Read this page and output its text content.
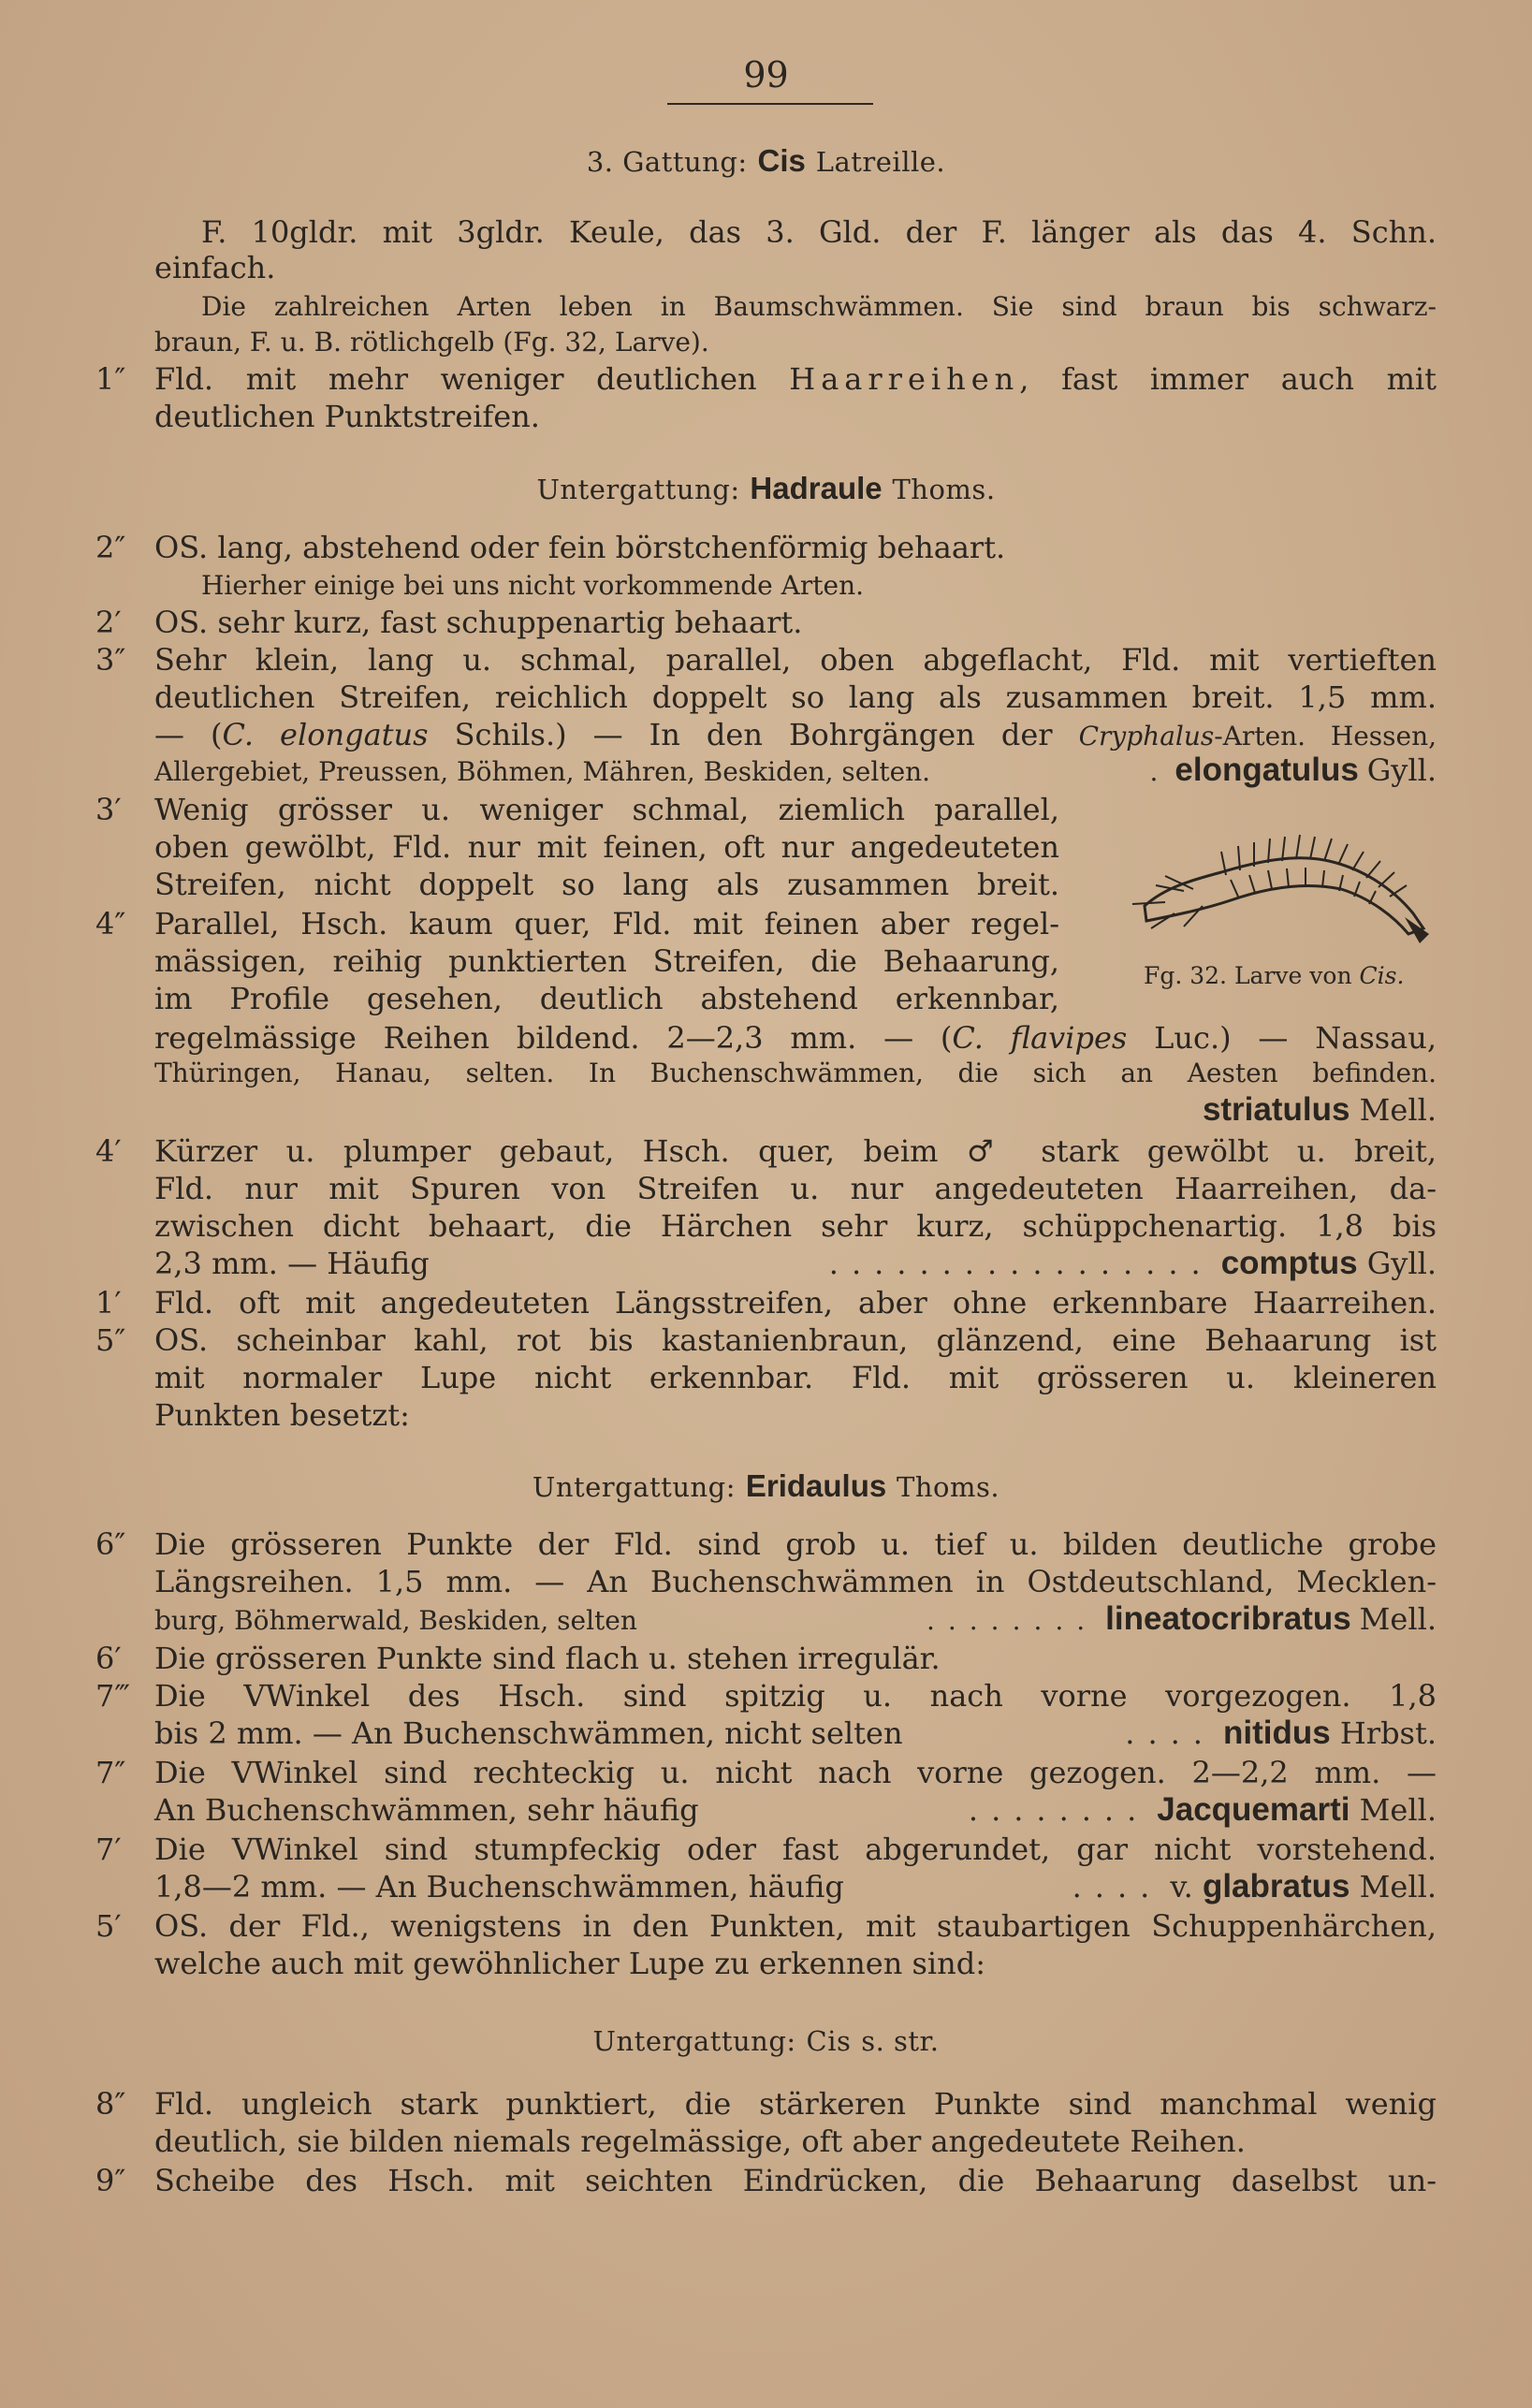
99
3. Gattung: Cis Latreille.
F. 10gldr. mit 3gldr. Keule, das 3. Gld. der F. länger als das 4. Schn.
einfach.
Die zahlreichen Arten leben in Baumschwämmen. Sie sind braun bis schwarz-
braun, F. u. B. rötlichgelb (Fg. 32, Larve).
1″ Fld. mit mehr weniger deutlichen Haarreihen, fast immer auch mit
deutlichen Punktstreifen.
Untergattung: Hadraule Thoms.
2″ OS. lang, abstehend oder fein börstchenförmig behaart.
Hierher einige bei uns nicht vorkommende Arten.
2′ OS. sehr kurz, fast schuppenartig behaart.
3″ Sehr klein, lang u. schmal, parallel, oben abgeflacht, Fld. mit vertieften
deutlichen Streifen, reichlich doppelt so lang als zusammen breit. 1,5 mm.
— (C. elongatus Schils.) — In den Bohrgängen der Cryphalus-Arten. Hessen,
Allergebiet, Preussen, Böhmen, Mähren, Beskiden, selten.	. elongatulus
Gyll.
3′ Wenig grösser u. weniger schmal, ziemlich parallel,
oben gewölbt, Fld. nur mit feinen, oft nur angedeuteten
Streifen, nicht doppelt so lang als zusammen breit.
4″ Parallel, Hsch. kaum quer, Fld. mit feinen aber regel-
mässigen, reihig punktierten Streifen, die Behaarung,
im Profile gesehen, deutlich abstehend erkennbar,
regelmässige Reihen bildend. 2—2,3 mm. — (C. flavipes Luc.) — Nassau,
Thüringen, Hanau, selten. In Buchenschwämmen, die sich an Aesten befinden.
striatulus Mell.
Fg. 32. Larve von Cis.
4′ Kürzer u. plumper gebaut, Hsch. quer, beim ♂ stark gewölbt u. breit,
Fld. nur mit Spuren von Streifen u. nur angedeuteten Haarreihen, da-
zwischen dicht behaart, die Härchen sehr kurz, schüppchenartig. 1,8 bis
2,3 mm. — Häufig	................. comptus
Gyll.
1′ Fld. oft mit angedeuteten Längsstreifen, aber ohne erkennbare Haarreihen.
5″ OS. scheinbar kahl, rot bis kastanienbraun, glänzend, eine Behaarung ist
mit normaler Lupe nicht erkennbar. Fld. mit grösseren u. kleineren
Punkten besetzt:
Untergattung: Eridaulus Thoms.
6″ Die grösseren Punkte der Fld. sind grob u. tief u. bilden deutliche grobe
Längsreihen. 1,5 mm. — An Buchenschwämmen in Ostdeutschland, Mecklen-
burg, Böhmerwald, Beskiden, selten	........ lineatocribratus
Mell.
6′ Die grösseren Punkte sind flach u. stehen irregulär.
7‴ Die VWinkel des Hsch. sind spitzig u. nach vorne vorgezogen. 1,8
bis 2 mm. — An Buchenschwämmen, nicht selten	.... nitidus
Hrbst.
7″ Die VWinkel sind rechteckig u. nicht nach vorne gezogen. 2—2,2 mm. —
An Buchenschwämmen, sehr häufig	........ Jacquemarti
Mell.
7′ Die VWinkel sind stumpfeckig oder fast abgerundet, gar nicht vorstehend.
1,8—2 mm. — An Buchenschwämmen, häufig	.... v.
glabratus
Mell.
5′ OS. der Fld., wenigstens in den Punkten, mit staubartigen Schuppenhärchen,
welche auch mit gewöhnlicher Lupe zu erkennen sind:
Untergattung: Cis s. str.
8″ Fld. ungleich stark punktiert, die stärkeren Punkte sind manchmal wenig
deutlich, sie bilden niemals regelmässige, oft aber angedeutete Reihen.
9″ Scheibe des Hsch. mit seichten Eindrücken, die Behaarung daselbst un-
